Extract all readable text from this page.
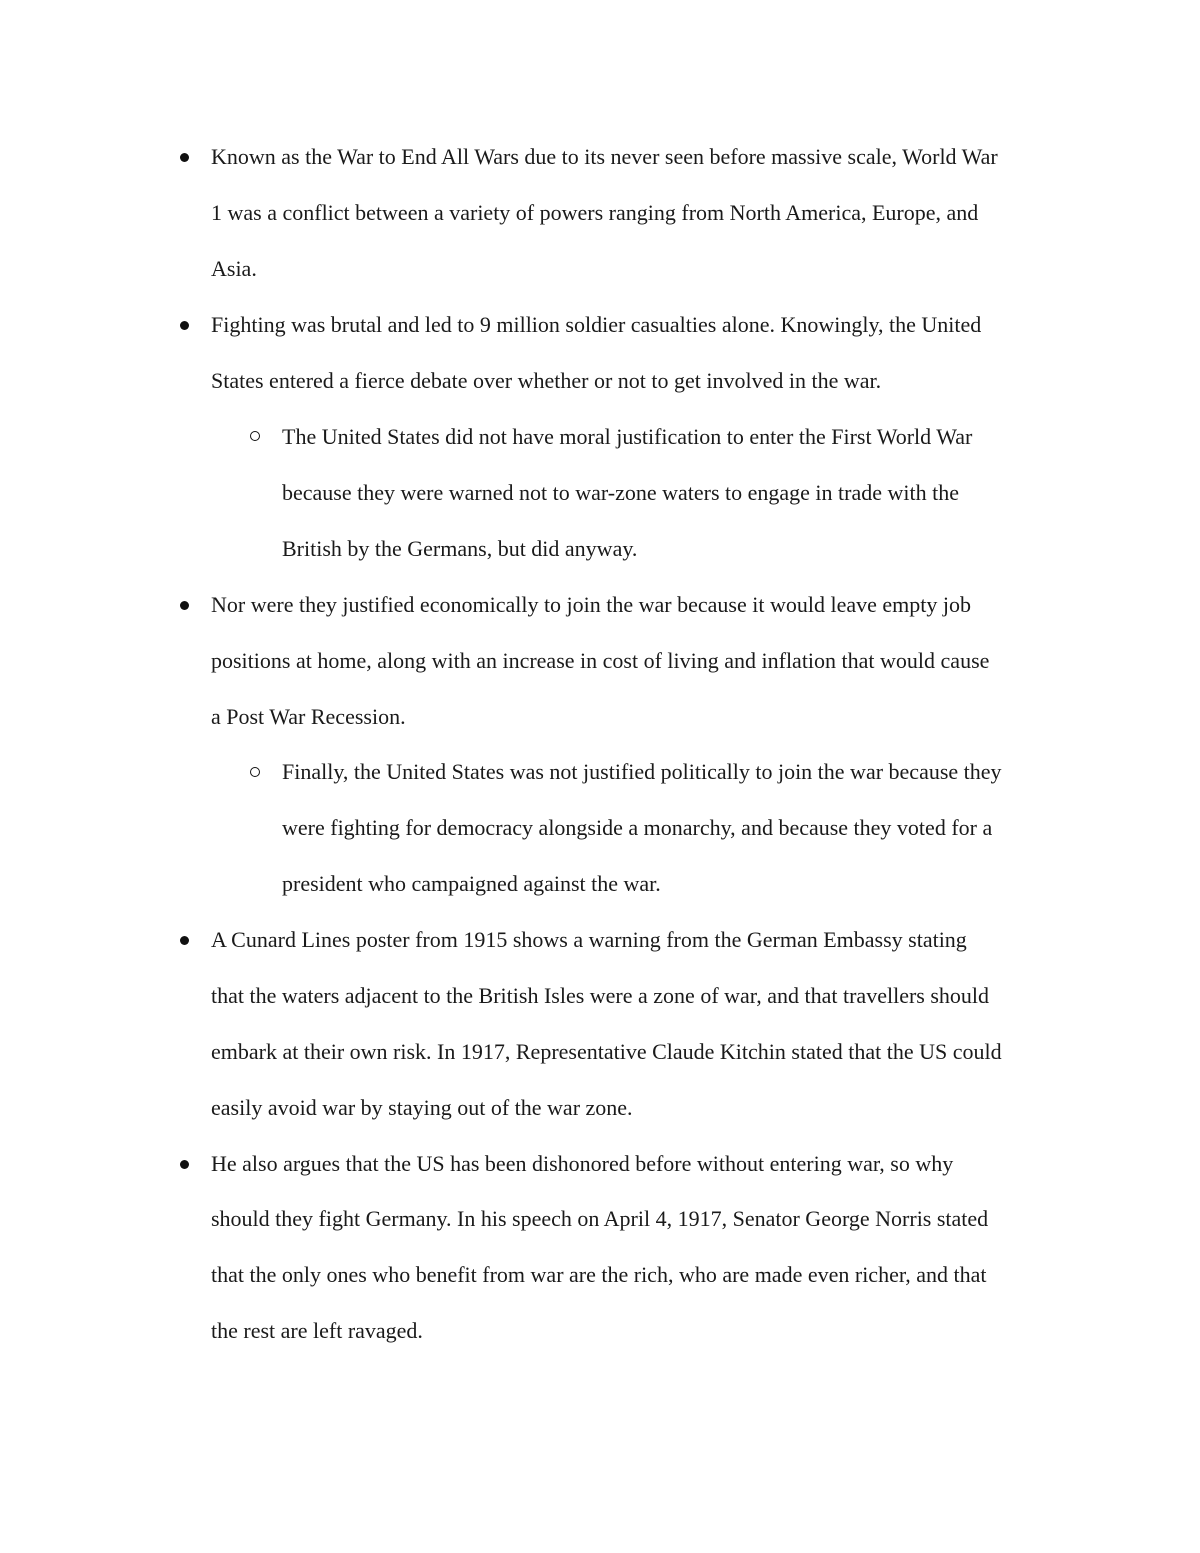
Known as the War to End All Wars due to its never seen before massive scale, World War
1 was a conflict between a variety of powers ranging from North America, Europe, and
Asia.
Fighting was brutal and led to 9 million soldier casualties alone. Knowingly, the United
States entered a fierce debate over whether or not to get involved in the war.
The United States did not have moral justification to enter the First World War
because they were warned not to war-zone waters to engage in trade with the
British by the Germans, but did anyway.
Nor were they justified economically to join the war because it would leave empty job
positions at home, along with an increase in cost of living and inflation that would cause
a Post War Recession.
Finally, the United States was not justified politically to join the war because they
were fighting for democracy alongside a monarchy, and because they voted for a
president who campaigned against the war.
A Cunard Lines poster from 1915 shows a warning from the German Embassy stating
that the waters adjacent to the British Isles were a zone of war, and that travellers should
embark at their own risk. In 1917, Representative Claude Kitchin stated that the US could
easily avoid war by staying out of the war zone.
He also argues that the US has been dishonored before without entering war, so why
should they fight Germany. In his speech on April 4, 1917, Senator George Norris stated
that the only ones who benefit from war are the rich, who are made even richer, and that
the rest are left ravaged.
